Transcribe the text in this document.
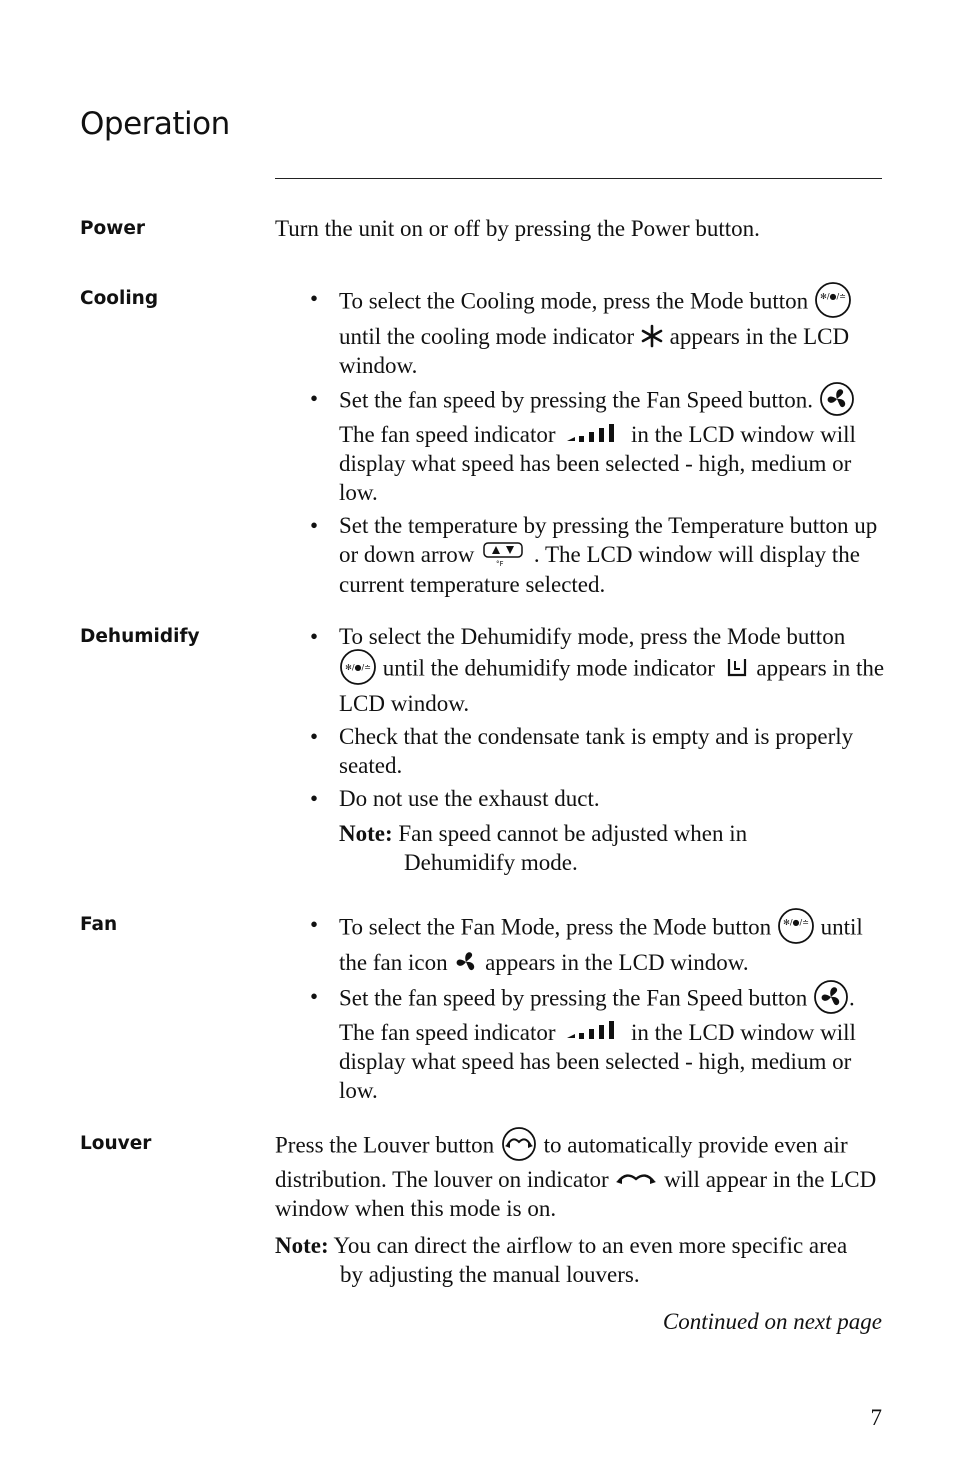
Operation
Power	Turn the unit on or off by pressing the Power button.
Cooling	• To select the Cooling mode, press the Mode button ✻/●/≐
until the cooling mode indicator appears in the LCD window.
• Set the fan speed by pressing the Fan Speed button.
The fan speed indicator	in the LCD window will display what speed has been selected - high, medium or low.
• Set the temperature by pressing the Temperature button up or down arrow	°F . The LCD window will display the current temperature selected.
Dehumidify	• To select the Dehumidify mode, press the Mode button
✻/●/≐ until the dehumidify mode indicator appears in the LCD window.
• Check that the condensate tank is empty and is properly seated.
• Do not use the exhaust duct.
Note: Fan speed cannot be adjusted when in
Dehumidify mode.
Fan	• To select the Fan Mode, press the Mode button ✻/●/≐ until the fan icon appears in the LCD window.
• Set the fan speed by pressing the Fan Speed button . The fan speed indicator	in the LCD window will display what speed has been selected - high, medium or low.
Louver	Press the Louver button to automatically provide even air distribution. The louver on indicator will appear in the LCD window when this mode is on.
Note: You can direct the airflow to an even more specific area
by adjusting the manual louvers.
Continued on next page
7
